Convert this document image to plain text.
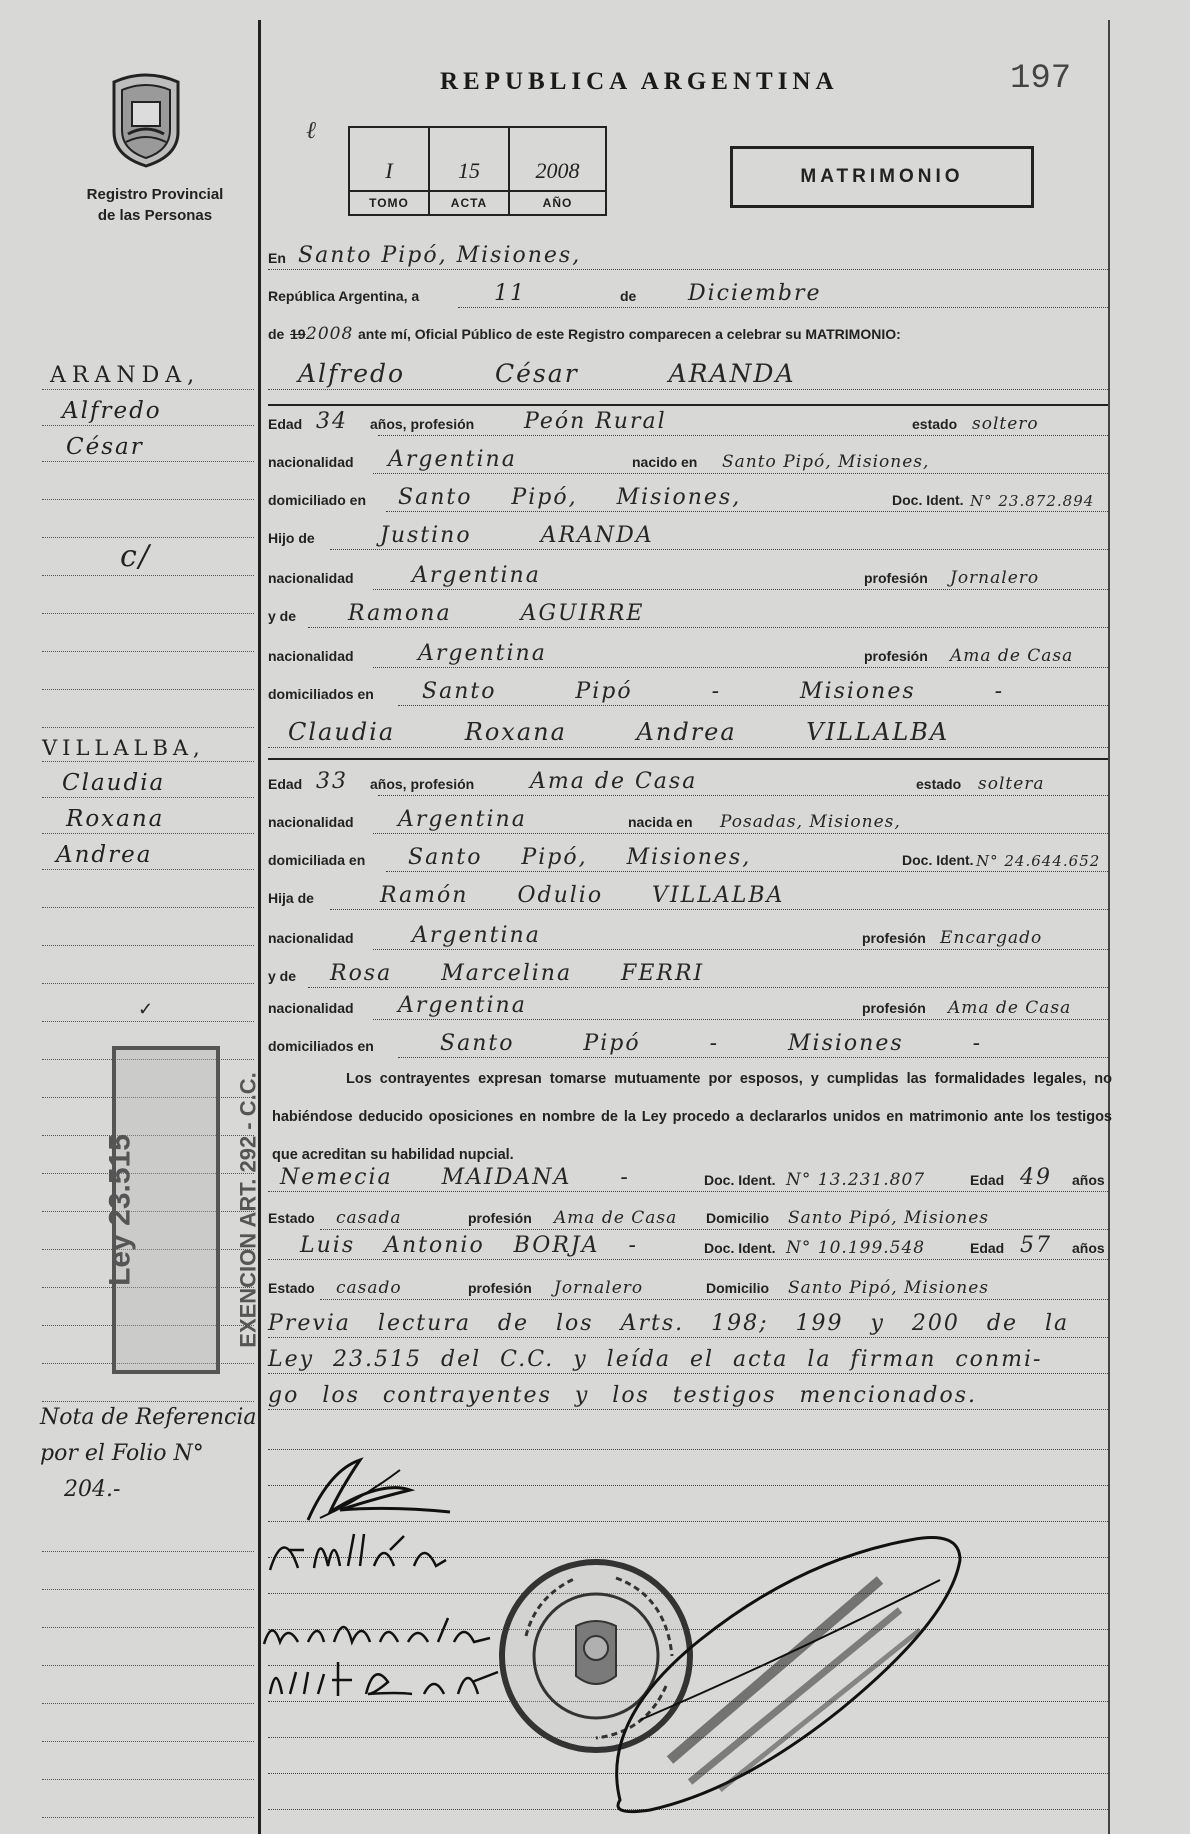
Registro Provincial
de las Personas
REPUBLICA ARGENTINA	197
ℓ
I
TOMO
15
ACTA
2008
AÑO
MATRIMONIO
En Santo Pipó, Misiones,
República Argentina, a	11	de Diciembre
de 19 2008 ante mí, Oficial Público de este Registro comparecen a celebrar su MATRIMONIO:
Alfredo César ARANDA
Edad 34 años, profesión Peón Rural	estado soltero
nacionalidad Argentina	nacido en Santo Pipó, Misiones,
domiciliado en Santo Pipó, Misiones,	Doc. Ident. N° 23.872.894
Hijo de	Justino ARANDA
nacionalidad	Argentina	profesión Jornalero
y de Ramona AGUIRRE
nacionalidad	Argentina	profesión Ama de Casa
domiciliados en Santo Pipó - Misiones -
Claudia Roxana Andrea VILLALBA
Edad 33 años, profesión	Ama de Casa	estado soltera
nacionalidad Argentina	nacida en Posadas, Misiones,
domiciliada en Santo Pipó, Misiones,	Doc. Ident. N° 24.644.652
Hija de	Ramón Odulio VILLALBA
nacionalidad	Argentina	profesión Encargado
y de Rosa Marcelina FERRI
nacionalidad Argentina	profesión Ama de Casa
domiciliados en	Santo Pipó - Misiones -
Los contrayentes expresan tomarse mutuamente por esposos, y cumplidas las formalidades legales, no habiéndose deducido oposiciones en nombre de la Ley procedo a declararlos unidos en matrimonio ante los testigos que acreditan su habilidad nupcial.
Nemecia MAIDANA -	Doc. Ident. N° 13.231.807	Edad 49 años
Estado casada	profesión Ama de Casa Domicilio Santo Pipó, Misiones
Luis Antonio BORJA -	Doc. Ident. N° 10.199.548	Edad 57 años
Estado casado	profesión Jornalero	Domicilio Santo Pipó, Misiones
Previa lectura de los Arts. 198; 199 y 200 de la
Ley 23.515 del C.C. y leída el acta la firman conmi-
go los contrayentes y los testigos mencionados.
ARANDA,
Alfredo
César
c/
VILLALBA,
Claudia
Roxana
Andrea
✓
Ley 23.515	EXENCION ART. 292 - C.C.
Nota de Referencia
por el Folio N°
204.-
